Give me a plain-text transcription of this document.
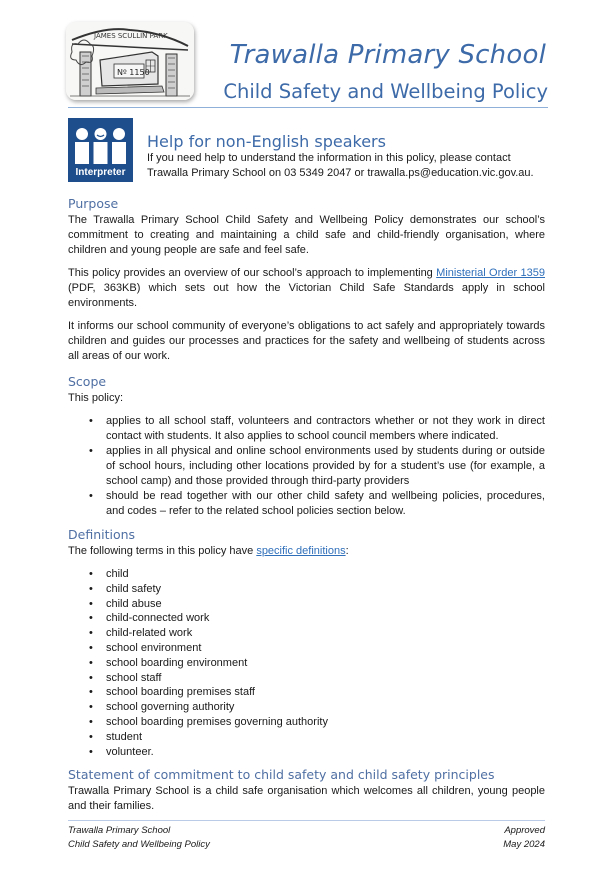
JAMES SCULLIN PARK
Nº 1150
Trawalla Primary School
Child Safety and Wellbeing Policy
Interpreter
Help for non-English speakers
If you need help to understand the information in this policy, please contact
Trawalla Primary School on 03 5349 2047 or trawalla.ps@education.vic.gov.au.
Purpose

The Trawalla Primary School Child Safety and Wellbeing Policy demonstrates our school’s commitment to creating and maintaining a child safe and child-friendly organisation, where children and young people are safe and feel safe.

This policy provides an overview of our school’s approach to implementing Ministerial Order 1359 (PDF, 363KB) which sets out how the Victorian Child Safe Standards apply in school environments.

It informs our school community of everyone’s obligations to act safely and appropriately towards children and guides our processes and practices for the safety and wellbeing of students across all areas of our work.

Scope

This policy:

• applies to all school staff, volunteers and contractors whether or not they work in direct contact with students. It also applies to school council members where indicated.
• applies in all physical and online school environments used by students during or outside of school hours, including other locations provided by for a student’s use (for example, a school camp) and those provided through third-party providers
• should be read together with our other child safety and wellbeing policies, procedures, and codes – refer to the related school policies section below.
Definitions

The following terms in this policy have specific definitions:

• child
• child safety
• child abuse
• child-connected work
• child-related work
• school environment
• school boarding environment
• school staff
• school boarding premises staff
• school governing authority
• school boarding premises governing authority
• student
• volunteer.
Statement of commitment to child safety and child safety principles

Trawalla Primary School is a child safe organisation which welcomes all children, young people and their families.

Trawalla Primary School
Child Safety and Wellbeing Policy
Approved
May 2024
